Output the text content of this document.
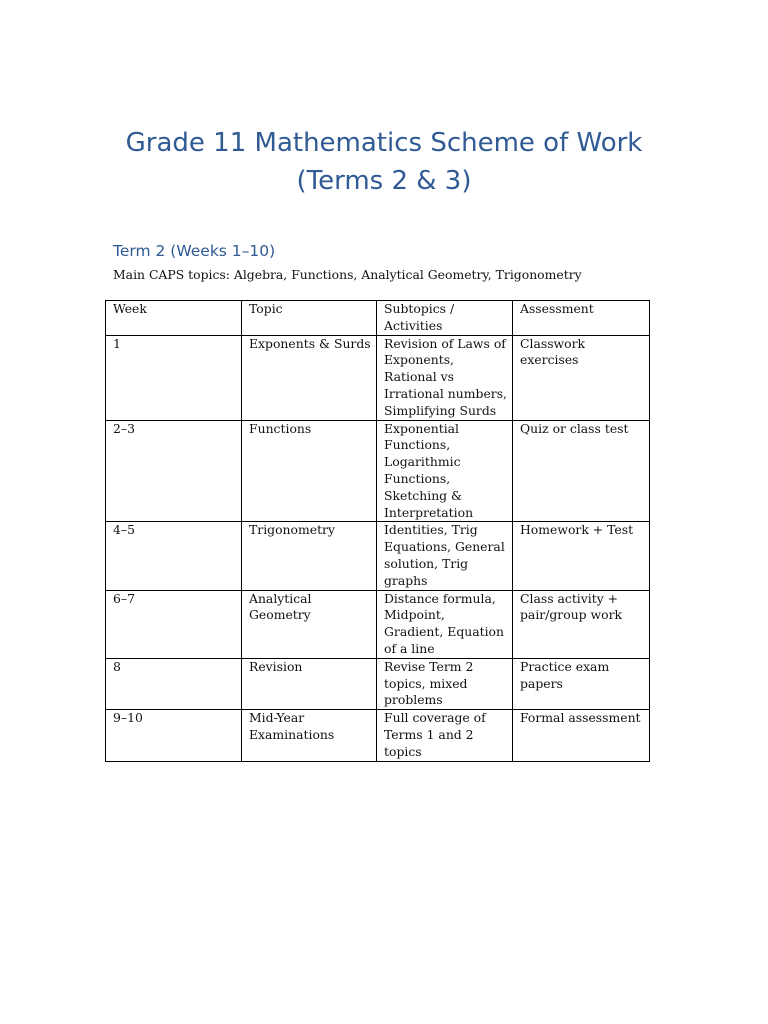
Grade 11 Mathematics Scheme of Work
(Terms 2 & 3)
Term 2 (Weeks 1–10)
Main CAPS topics: Algebra, Functions, Analytical Geometry, Trigonometry
Week	Topic	Subtopics / Activities	Assessment
1	Exponents & Surds	Revision of Laws of Exponents, Rational vs Irrational numbers, Simplifying Surds	Classwork exercises
2–3	Functions	Exponential Functions, Logarithmic Functions, Sketching & Interpretation	Quiz or class test
4–5	Trigonometry	Identities, Trig Equations, General solution, Trig graphs	Homework + Test
6–7	Analytical Geometry	Distance formula, Midpoint, Gradient, Equation of a line	Class activity + pair/group work
8	Revision	Revise Term 2 topics, mixed problems	Practice exam papers
9–10	Mid-Year Examinations	Full coverage of Terms 1 and 2 topics	Formal assessment
